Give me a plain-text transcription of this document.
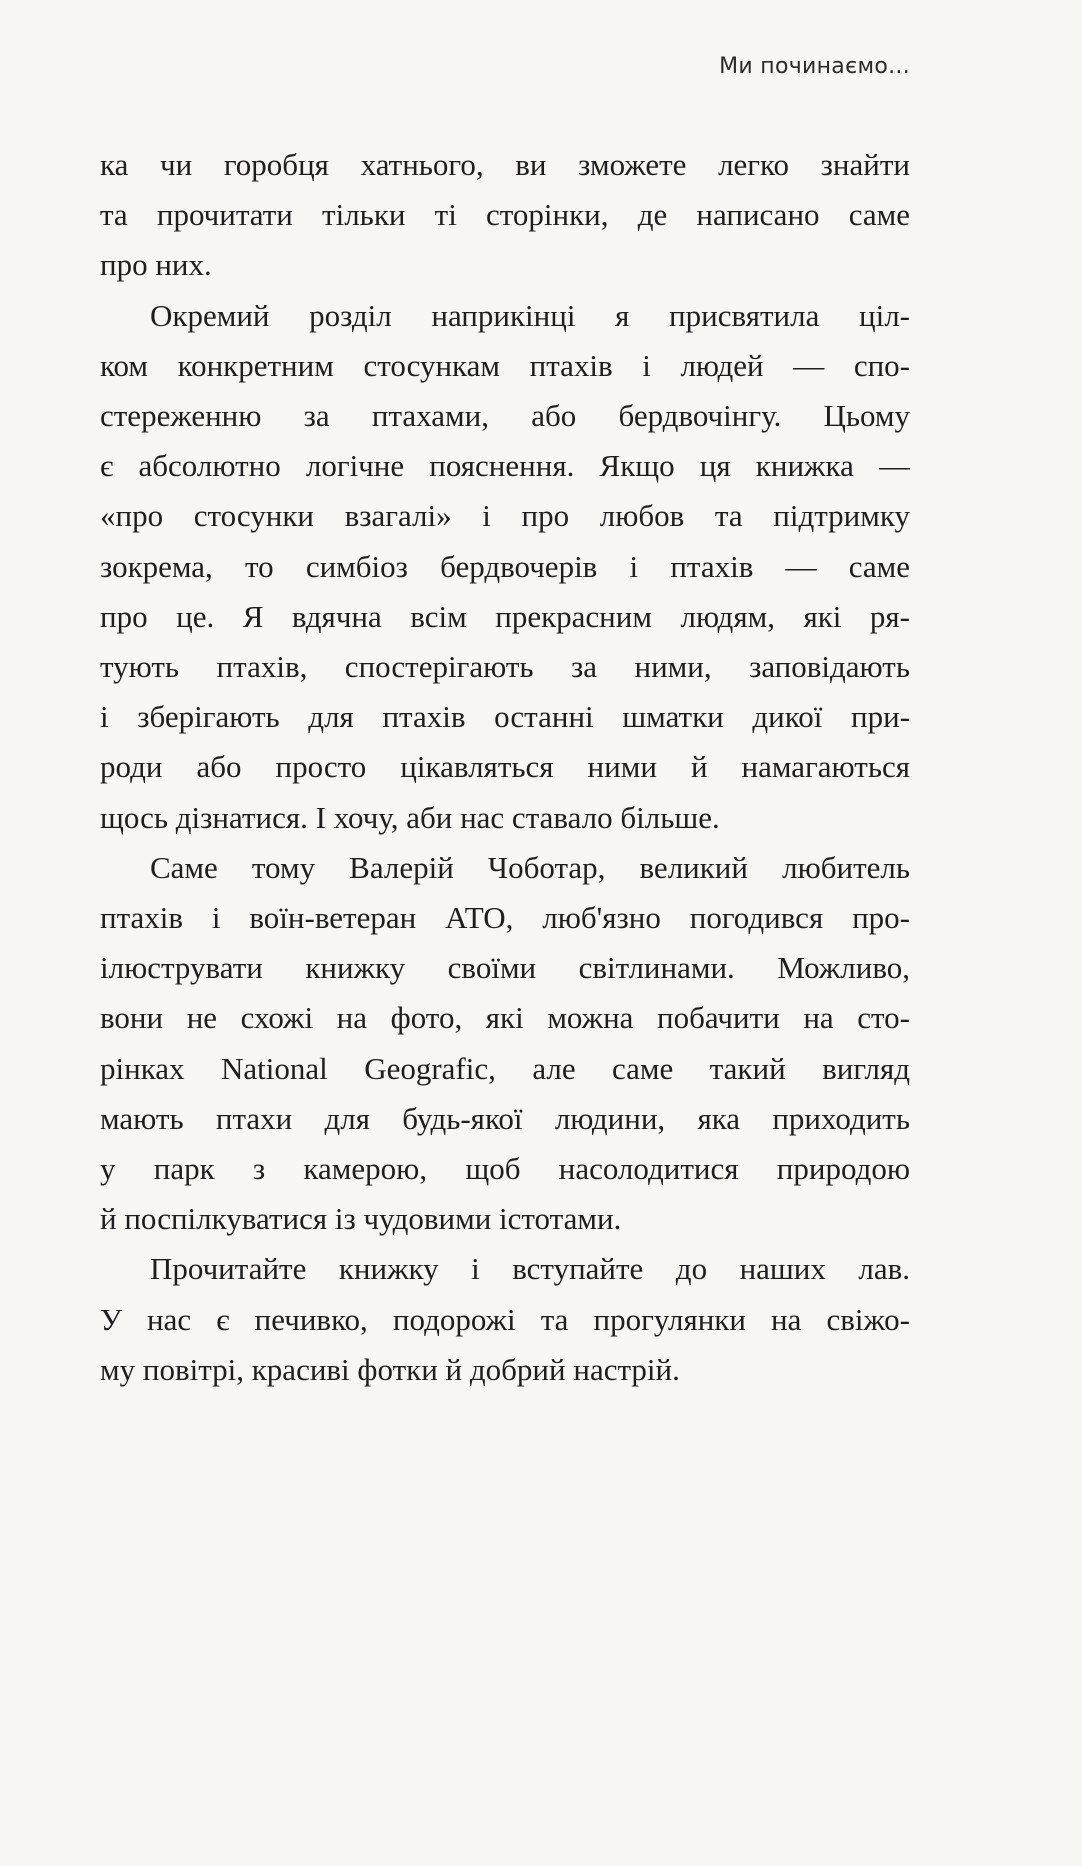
Ми починаємо...

ка чи горобця хатнього, ви зможете легко знайти
та прочитати тільки ті сторінки, де написано саме
про них.

Окремий розділ наприкінці я присвятила ціл-
ком конкретним стосункам птахів і людей — спо-
стереженню за птахами, або бердвочінгу. Цьому
є абсолютно логічне пояснення. Якщо ця книжка —
«про стосунки взагалі» і про любов та підтримку
зокрема, то симбіоз бердвочерів і птахів — саме
про це. Я вдячна всім прекрасним людям, які ря-
тують птахів, спостерігають за ними, заповідають
і зберігають для птахів останні шматки дикої при-
роди або просто цікавляться ними й намагаються
щось дізнатися. І хочу, аби нас ставало більше.

Саме тому Валерій Чоботар, великий любитель
птахів і воїн-ветеран АТО, люб'язно погодився про-
ілюструвати книжку своїми світлинами. Можливо,
вони не схожі на фото, які можна побачити на сто-
рінках National Geografic, але саме такий вигляд
мають птахи для будь-якої людини, яка приходить
у парк з камерою, щоб насолодитися природою
й поспілкуватися із чудовими істотами.

Прочитайте книжку і вступайте до наших лав.
У нас є печивко, подорожі та прогулянки на свіжо-
му повітрі, красиві фотки й добрий настрій.
